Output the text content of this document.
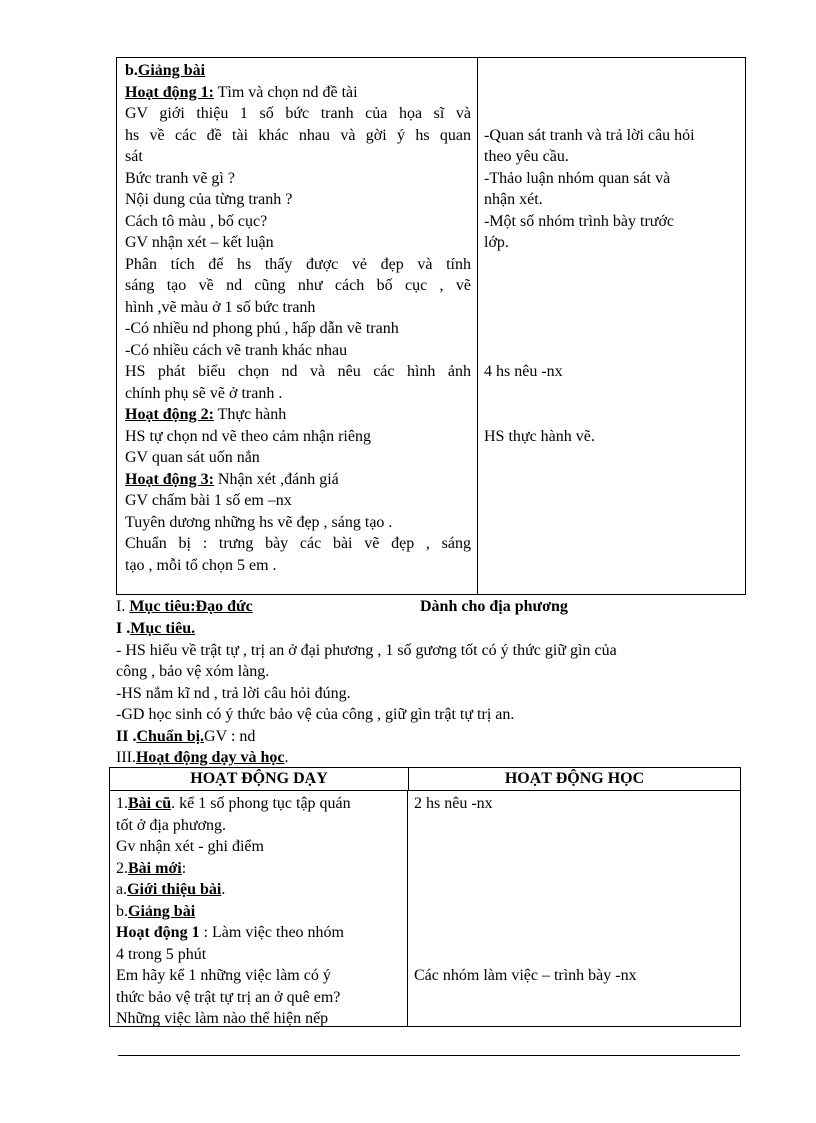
b.Giảng bài
Hoạt động 1: Tìm và chọn nd đề tài
GV giới thiệu 1 số bức tranh của họa sĩ và
hs về các đề tài khác nhau và gời ý hs quan
sát
Bức tranh vẽ gì ?
Nội dung của từng tranh ?
Cách tô màu , bố cục?
GV nhận xét – kết luận
Phân tích để hs thấy được vẻ đẹp và tính
sáng tạo về nd cũng như cách bố cục , vẽ
hình ,vẽ màu ở 1 số bức tranh
-Có nhiều nd phong phú , hấp dẫn vẽ tranh
-Có nhiều cách vẽ tranh khác nhau
HS phát biểu chọn nd và nêu các hình ảnh
chính phụ sẽ vẽ ở tranh .
Hoạt động 2: Thực hành
HS tự chọn nd vẽ theo cảm nhận riêng
GV quan sát uốn nắn
Hoạt động 3: Nhận xét ,đánh giá
GV chấm bài 1 số em –nx
Tuyên dương những hs vẽ đẹp , sáng tạo .
Chuẩn bị : trưng bày các bài vẽ đẹp , sáng
tạo , mỗi tổ chọn 5 em .
-Quan sát tranh và trả lời câu hỏi
theo yêu cầu.
-Thảo luận nhóm quan sát và
nhận xét.
-Một số nhóm trình bày trước
lớp.
4 hs nêu -nx
HS thực hành vẽ.
I. Mục tiêu:Đạo đức	Dành cho địa phương
I .Mục tiêu.
- HS hiểu về trật tự , trị an ở đại phương , 1 số gương tốt có ý thức giữ gìn của
công , bảo vệ xóm làng.
-HS nắm kĩ nd , trả lời câu hỏi đúng.
-GD học sinh có ý thức bảo vệ của công , giữ gìn trật tự trị an.
II .Chuẩn bị.GV : nd
III.Hoạt động dạy và học.
HOẠT ĐỘNG DẠY	HOẠT ĐỘNG HỌC
1.Bài cũ. kể 1 số phong tục tập quán
tốt ở địa phương.
Gv nhận xét - ghi điểm
2.Bài mới:
a.Giới thiệu bài.
b.Giảng bài
Hoạt động 1 : Làm việc theo nhóm
4 trong 5 phút
Em hãy kể 1 những việc làm có ý
thức bảo vệ trật tự trị an ở quê em?
Những việc làm nào thể hiện nếp
2 hs nêu -nx
Các nhóm làm việc – trình bày -nx
